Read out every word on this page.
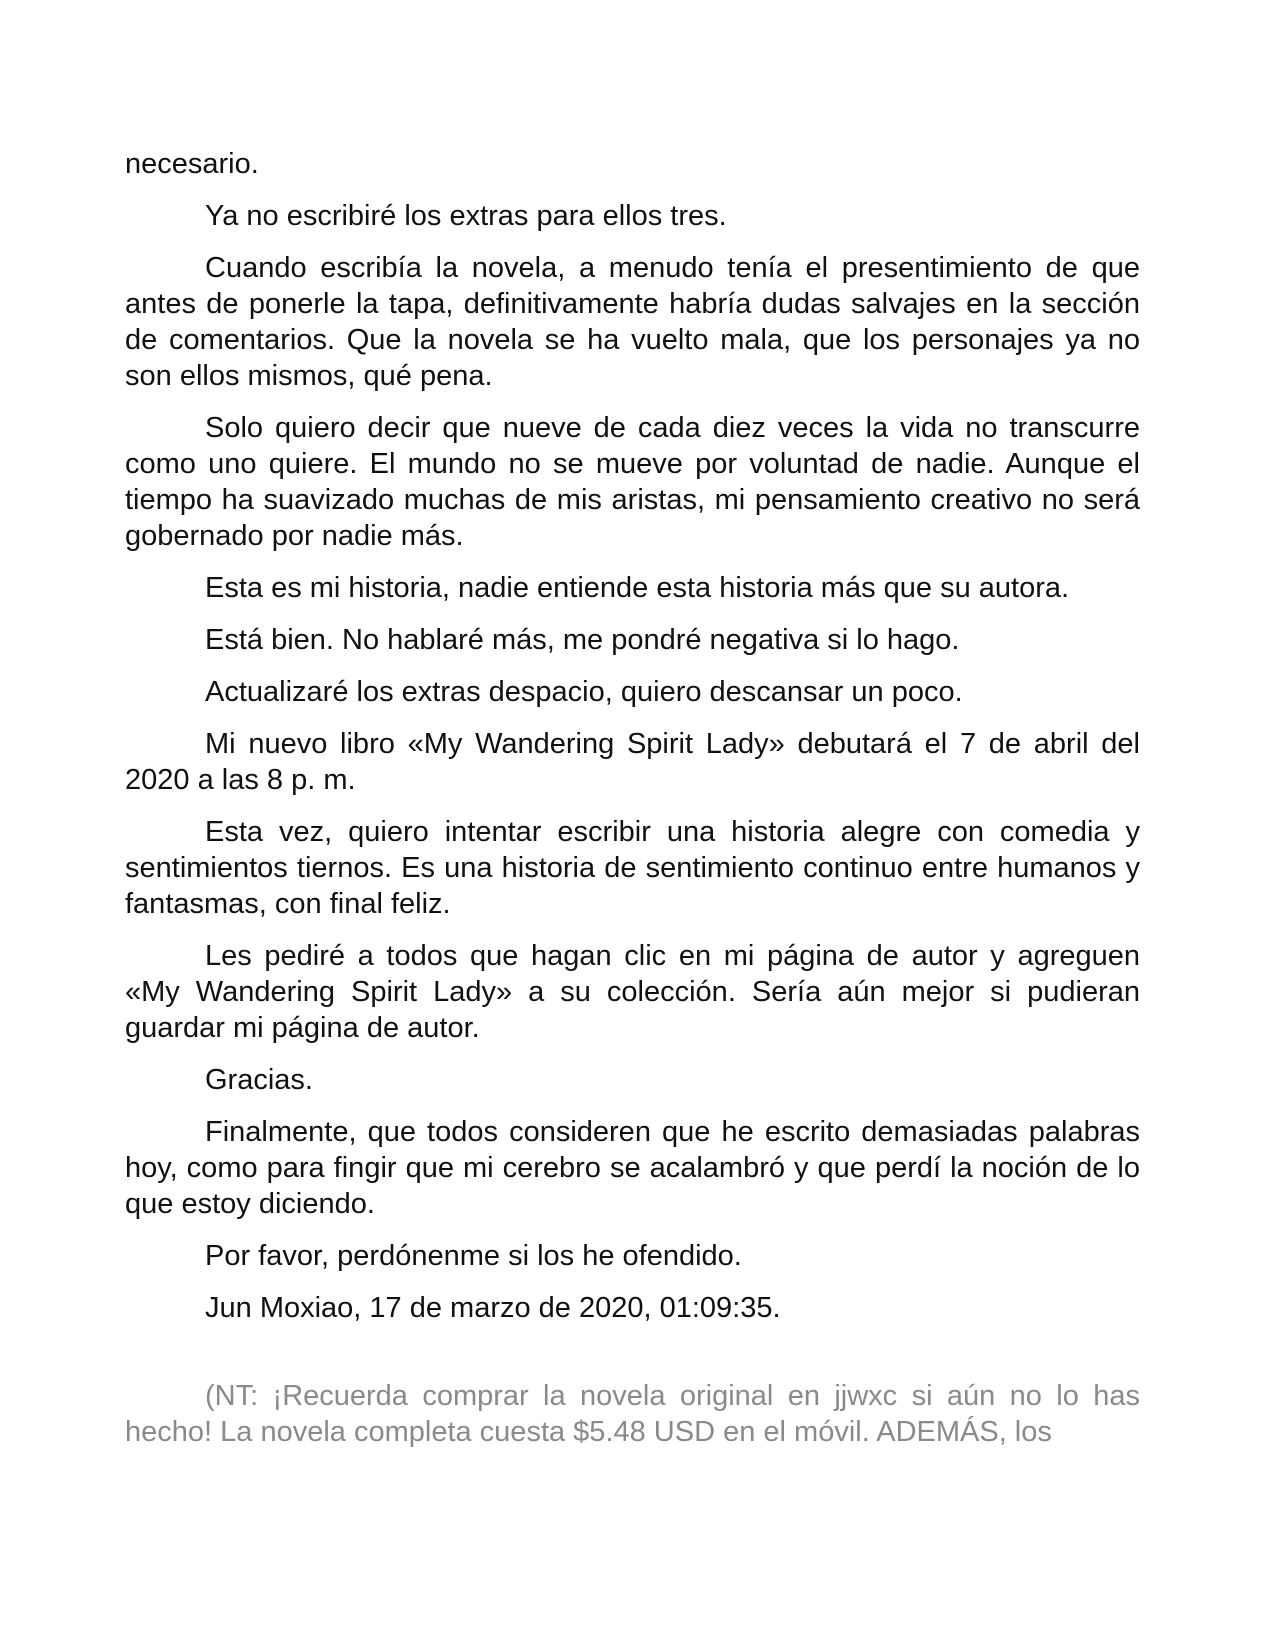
necesario.

Ya no escribiré los extras para ellos tres.

Cuando escribía la novela, a menudo tenía el presentimiento de que antes de ponerle la tapa, definitivamente habría dudas salvajes en la sección de comentarios. Que la novela se ha vuelto mala, que los personajes ya no son ellos mismos, qué pena.

Solo quiero decir que nueve de cada diez veces la vida no transcurre como uno quiere. El mundo no se mueve por voluntad de nadie. Aunque el tiempo ha suavizado muchas de mis aristas, mi pensamiento creativo no será gobernado por nadie más.

Esta es mi historia, nadie entiende esta historia más que su autora.

Está bien. No hablaré más, me pondré negativa si lo hago.

Actualizaré los extras despacio, quiero descansar un poco.

Mi nuevo libro «My Wandering Spirit Lady» debutará el 7 de abril del 2020 a las 8 p. m.

Esta vez, quiero intentar escribir una historia alegre con comedia y sentimientos tiernos. Es una historia de sentimiento continuo entre humanos y fantasmas, con final feliz.

Les pediré a todos que hagan clic en mi página de autor y agreguen «My Wandering Spirit Lady» a su colección. Sería aún mejor si pudieran guardar mi página de autor.

Gracias.

Finalmente, que todos consideren que he escrito demasiadas palabras hoy, como para fingir que mi cerebro se acalambró y que perdí la noción de lo que estoy diciendo.

Por favor, perdónenme si los he ofendido.

Jun Moxiao, 17 de marzo de 2020, 01:09:35.

(NT: ¡Recuerda comprar la novela original en jjwxc si aún no lo has hecho! La novela completa cuesta $5.48 USD en el móvil. ADEMÁS, los
